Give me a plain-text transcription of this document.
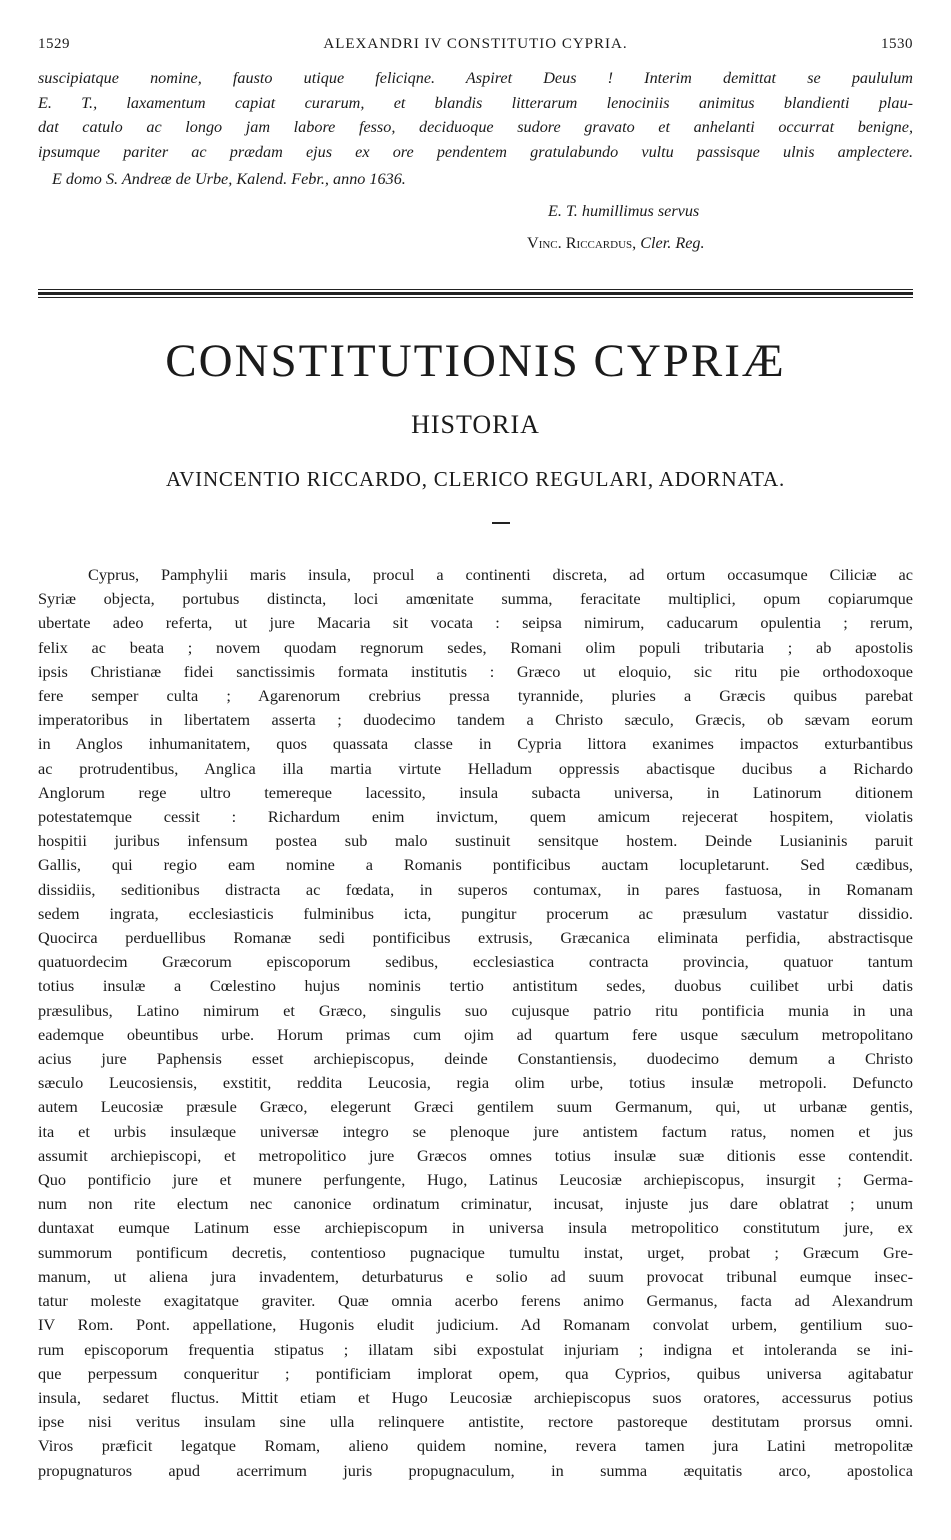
1529	ALEXANDRI IV CONSTITUTIO CYPRIA.	1530
suscipiatque nomine, fausto utique feliciqne. Aspiret Deus ! Interim demittat se paululum
E. T., laxamentum capiat curarum, et blandis litterarum lenociniis animitus blandienti plau-
dat catulo ac longo jam labore fesso, deciduoque sudore gravato et anhelanti occurrat benigne,
ipsumque pariter ac prædam ejus ex ore pendentem gratulabundo vultu passisque ulnis amplectere.
E domo S. Andreæ de Urbe, Kalend. Febr., anno 1636.
E. T. humillimus servus
Vinc. Riccardus, Cler. Reg.
CONSTITUTIONIS CYPRIÆ
HISTORIA
AVINCENTIO RICCARDO, CLERICO REGULARI, ADORNATA.
Cyprus, Pamphylii maris insula, procul a continenti discreta, ad ortum occasumque Ciliciæ ac
Syriæ objecta, portubus distincta, loci amœnitate summa, feracitate multiplici, opum copiarumque
ubertate adeo referta, ut jure Macaria sit vocata : seipsa nimirum, caducarum opulentia ; rerum,
felix ac beata ; novem quodam regnorum sedes, Romani olim populi tributaria ; ab apostolis
ipsis Christianæ fidei sanctissimis formata institutis : Græco ut eloquio, sic ritu pie orthodoxoque
fere semper culta ; Agarenorum crebrius pressa tyrannide, pluries a Græcis quibus parebat
imperatoribus in libertatem asserta ; duodecimo tandem a Christo sæculo, Græcis, ob sævam eorum
in Anglos inhumanitatem, quos quassata classe in Cypria littora exanimes impactos exturbantibus
ac protrudentibus, Anglica illa martia virtute Helladum oppressis abactisque ducibus a Richardo
Anglorum rege ultro temereque lacessito, insula subacta universa, in Latinorum ditionem
potestatemque cessit : Richardum enim invictum, quem amicum rejecerat hospitem, violatis
hospitii juribus infensum postea sub malo sustinuit sensitque hostem. Deinde Lusianinis paruit
Gallis, qui regio eam nomine a Romanis pontificibus auctam locupletarunt. Sed cædibus,
dissidiis, seditionibus distracta ac fœdata, in superos contumax, in pares fastuosa, in Romanam
sedem ingrata, ecclesiasticis fulminibus icta, pungitur procerum ac præsulum vastatur dissidio.
Quocirca perduellibus Romanæ sedi pontificibus extrusis, Græcanica eliminata perfidia, abstractisque
quatuordecim Græcorum episcoporum sedibus, ecclesiastica contracta provincia, quatuor tantum
totius insulæ a Cœlestino hujus nominis tertio antistitum sedes, duobus cuilibet urbi datis
præsulibus, Latino nimirum et Græco, singulis suo cujusque patrio ritu pontificia munia in una
eademque obeuntibus urbe. Horum primas cum ojim ad quartum fere usque sæculum metropolitano
acius jure Paphensis esset archiepiscopus, deinde Constantiensis, duodecimo demum a Christo
sæculo Leucosiensis, exstitit, reddita Leucosia, regia olim urbe, totius insulæ metropoli. Defuncto
autem Leucosiæ præsule Græco, elegerunt Græci gentilem suum Germanum, qui, ut urbanæ gentis,
ita et urbis insulæque universæ integro se plenoque jure antistem factum ratus, nomen et jus
assumit archiepiscopi, et metropolitico jure Græcos omnes totius insulæ suæ ditionis esse contendit.
Quo pontificio jure et munere perfungente, Hugo, Latinus Leucosiæ archiepiscopus, insurgit ; Germa-
num non rite electum nec canonice ordinatum criminatur, incusat, injuste jus dare oblatrat ; unum
duntaxat eumque Latinum esse archiepiscopum in universa insula metropolitico constitutum jure, ex
summorum pontificum decretis, contentioso pugnacique tumultu instat, urget, probat ; Græcum Gre-
manum, ut aliena jura invadentem, deturbaturus e solio ad suum provocat tribunal eumque insec-
tatur moleste exagitatque graviter. Quæ omnia acerbo ferens animo Germanus, facta ad Alexandrum
IV Rom. Pont. appellatione, Hugonis eludit judicium. Ad Romanam convolat urbem, gentilium suo-
rum episcoporum frequentia stipatus ; illatam sibi expostulat injuriam ; indigna et intoleranda se ini-
que perpessum conqueritur ; pontificiam implorat opem, qua Cyprios, quibus universa agitabatur
insula, sedaret fluctus. Mittit etiam et Hugo Leucosiæ archiepiscopus suos oratores, accessurus potius
ipse nisi veritus insulam sine ulla relinquere antistite, rectore pastoreque destitutam prorsus omni.
Viros præficit legatque Romam, alieno quidem nomine, revera tamen jura Latini metropolitæ
propugnaturos apud acerrimum juris propugnaculum, in summa æquitatis arco, apostolica
